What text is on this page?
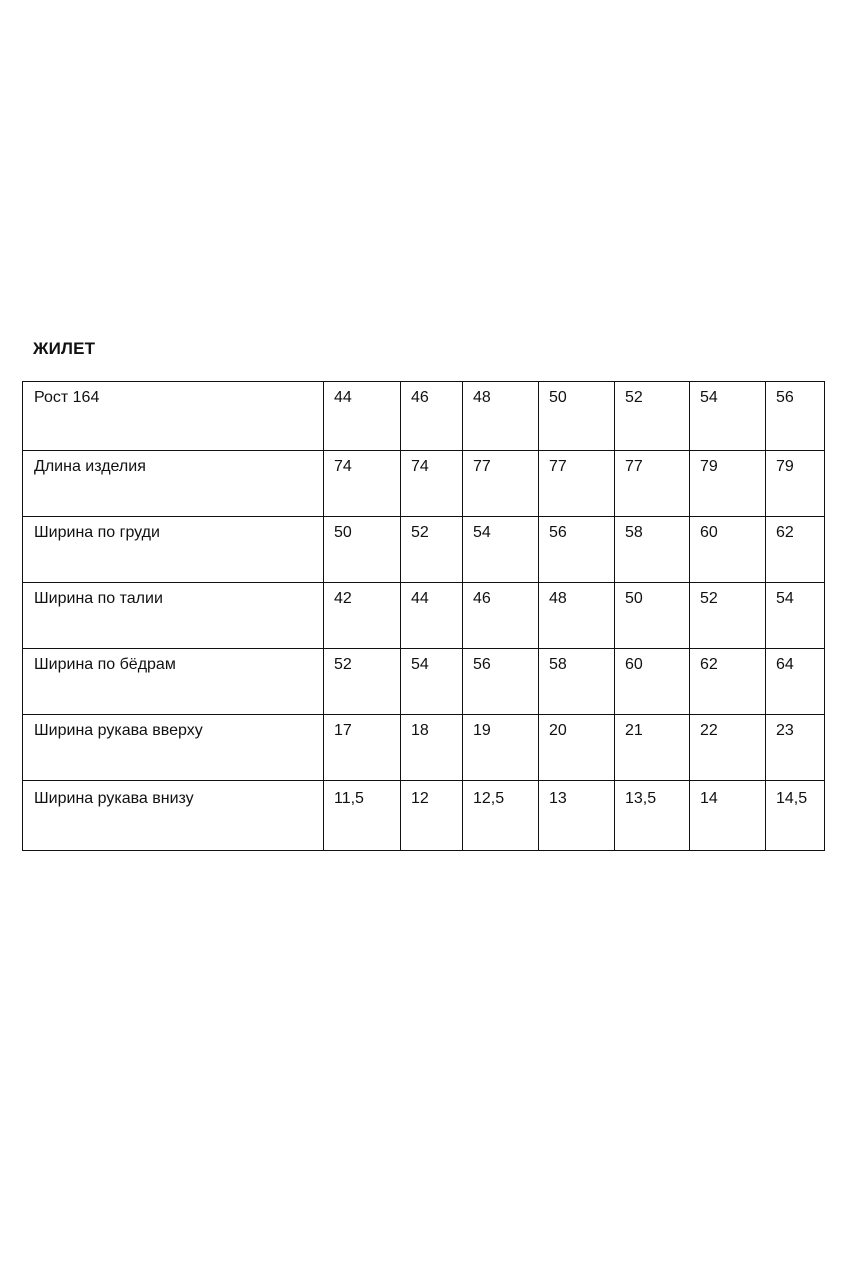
ЖИЛЕТ
Рост 164	44	46	48	50	52	54	56
Длина изделия	74	74	77	77	77	79	79
Ширина по груди	50	52	54	56	58	60	62
Ширина по талии	42	44	46	48	50	52	54
Ширина по бёдрам	52	54	56	58	60	62	64
Ширина рукава вверху	17	18	19	20	21	22	23
Ширина рукава внизу	11,5	12	12,5	13	13,5	14	14,5
